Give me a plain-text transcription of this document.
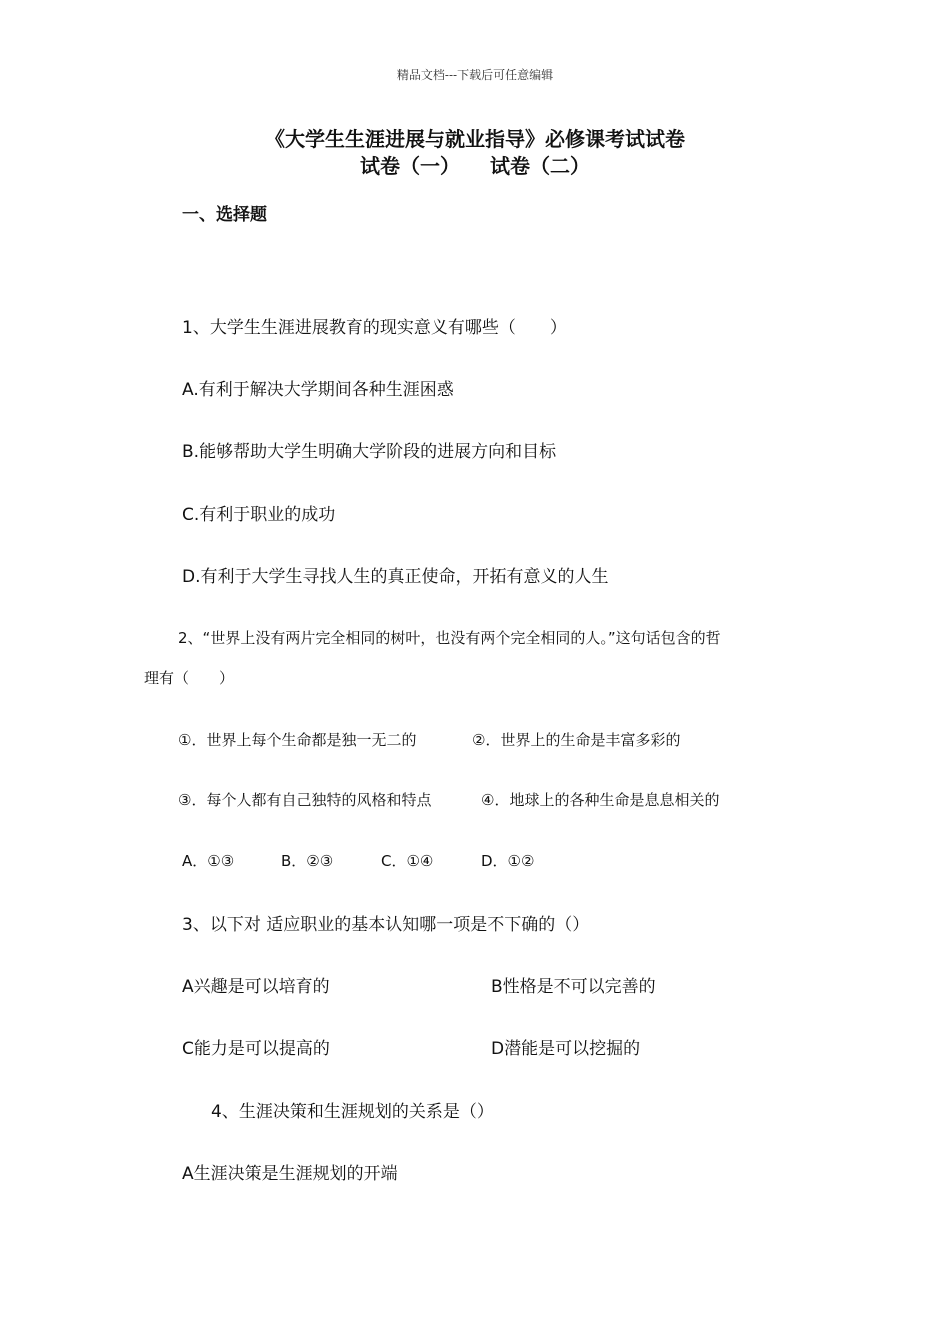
精品文档---下载后可任意编辑
《大学生生涯进展与就业指导》必修课考试试卷
试卷（一）　　试卷（二）
一、选择题
1、大学生生涯进展教育的现实意义有哪些（　　）
A.有利于解决大学期间各种生涯困惑
B.能够帮助大学生明确大学阶段的进展方向和目标
C.有利于职业的成功
D.有利于大学生寻找人生的真正使命，开拓有意义的人生
2、“世界上没有两片完全相同的树叶，也没有两个完全相同的人。”这句话包含的哲
理有（　　）
①．世界上每个生命都是独一无二的	②．世界上的生命是丰富多彩的
③．每个人都有自己独特的风格和特点	④．地球上的各种生命是息息相关的
A．①③	B．②③	C．①④	D．①②
3、以下对 适应职业的基本认知哪一项是不下确的（）
A兴趣是可以培育的	B性格是不可以完善的
C能力是可以提高的	D潜能是可以挖掘的
4、生涯决策和生涯规划的关系是（）
A生涯决策是生涯规划的开端
